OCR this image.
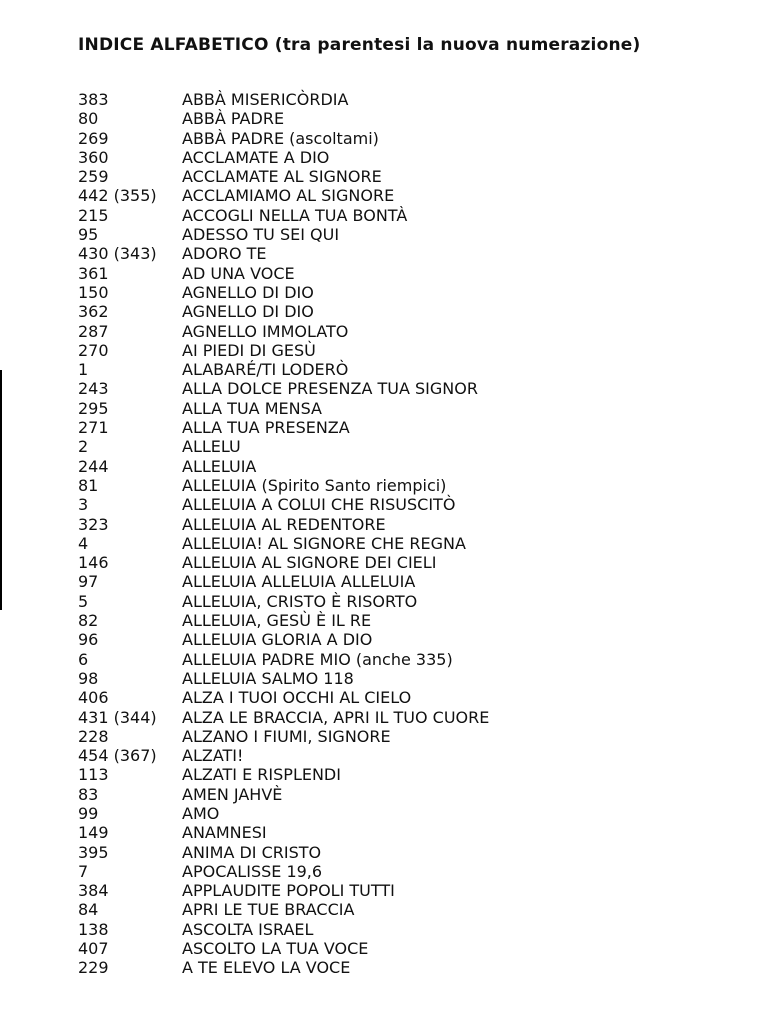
INDICE ALFABETICO (tra parentesi la nuova numerazione)
383	ABBÀ MISERICÒRDIA
80	ABBÀ PADRE
269	ABBÀ PADRE (ascoltami)
360	ACCLAMATE A DIO
259	ACCLAMATE AL SIGNORE
442 (355)	ACCLAMIAMO AL SIGNORE
215	ACCOGLI NELLA TUA BONTÀ
95	ADESSO TU SEI QUI
430 (343)	ADORO TE
361	AD UNA VOCE
150	AGNELLO DI DIO
362	AGNELLO DI DIO
287	AGNELLO IMMOLATO
270	AI PIEDI DI GESÙ
1	ALABARÉ/TI LODERÒ
243	ALLA DOLCE PRESENZA TUA SIGNOR
295	ALLA TUA MENSA
271	ALLA TUA PRESENZA
2	ALLELU
244	ALLELUIA
81	ALLELUIA (Spirito Santo riempici)
3	ALLELUIA A COLUI CHE RISUSCITÒ
323	ALLELUIA AL REDENTORE
4	ALLELUIA! AL SIGNORE CHE REGNA
146	ALLELUIA AL SIGNORE DEI CIELI
97	ALLELUIA ALLELUIA ALLELUIA
5	ALLELUIA, CRISTO È RISORTO
82	ALLELUIA, GESÙ È IL RE
96	ALLELUIA GLORIA A DIO
6	ALLELUIA PADRE MIO (anche 335)
98	ALLELUIA SALMO 118
406	ALZA I TUOI OCCHI AL CIELO
431 (344)	ALZA LE BRACCIA, APRI IL TUO CUORE
228	ALZANO I FIUMI, SIGNORE
454 (367)	ALZATI!
113	ALZATI E RISPLENDI
83	AMEN JAHVÈ
99	AMO
149	ANAMNESI
395	ANIMA DI CRISTO
7	APOCALISSE 19,6
384	APPLAUDITE POPOLI TUTTI
84	APRI LE TUE BRACCIA
138	ASCOLTA ISRAEL
407	ASCOLTO LA TUA VOCE
229	A TE ELEVO LA VOCE
